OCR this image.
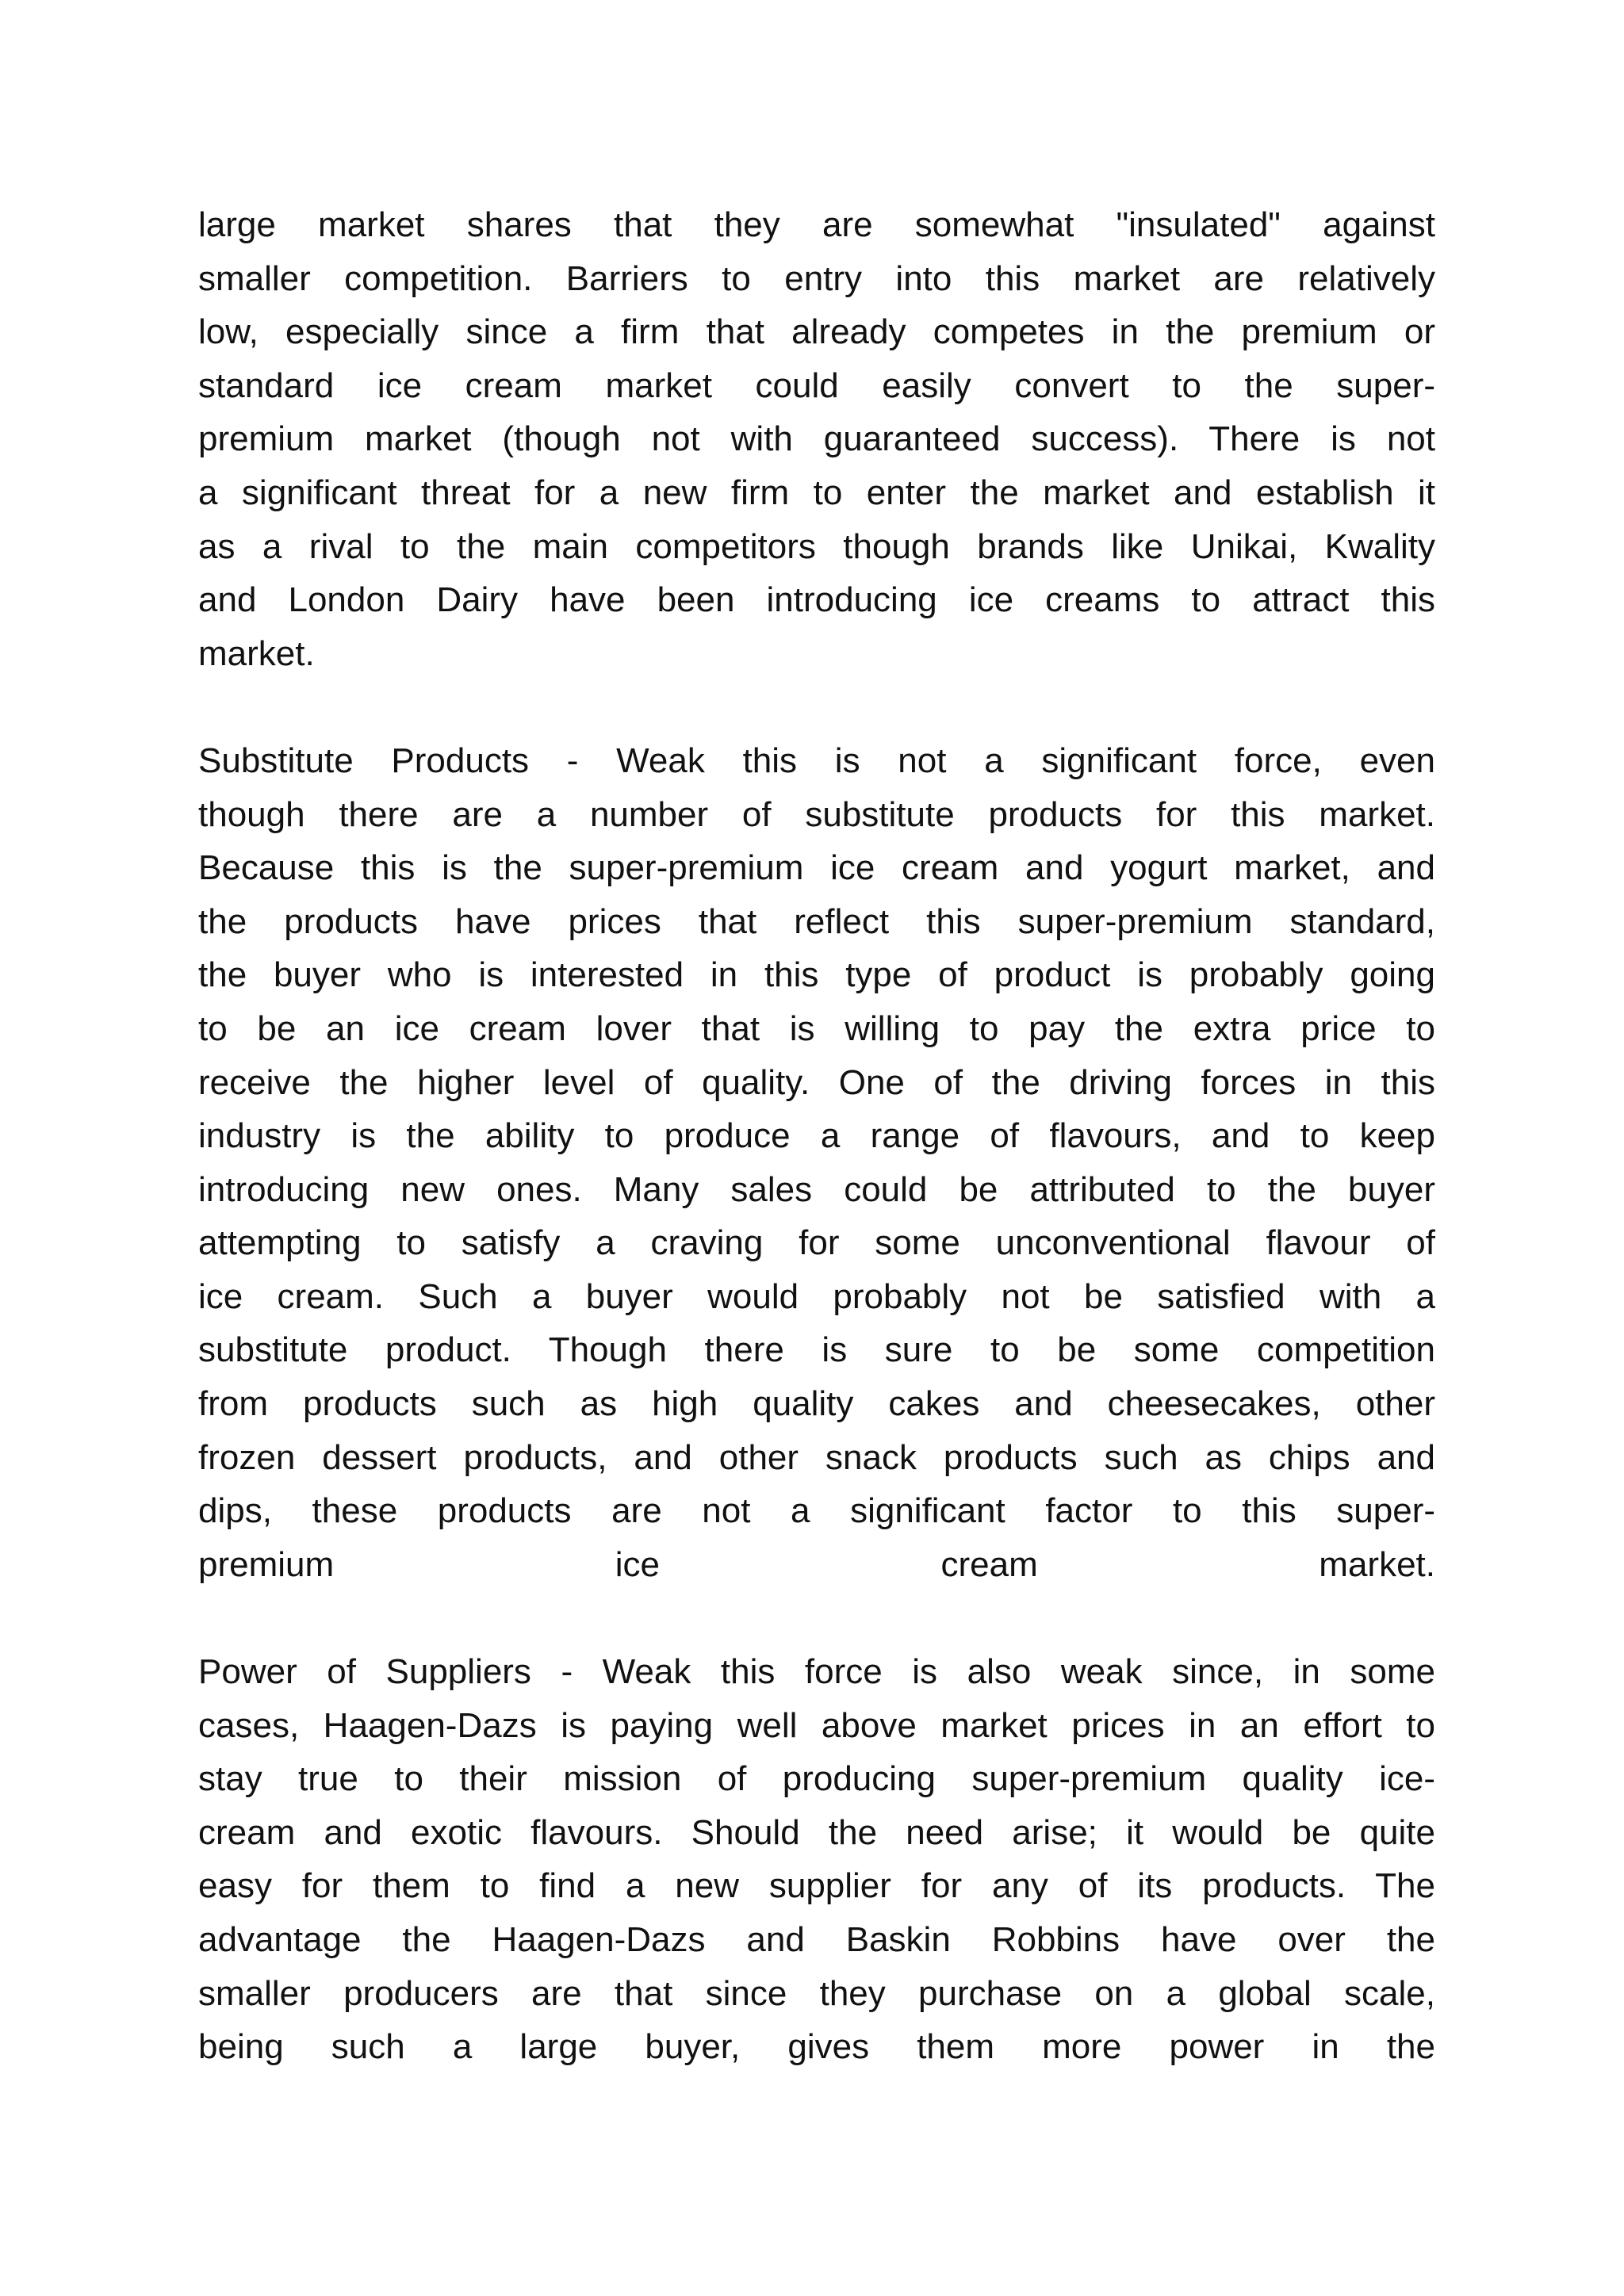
large market shares that they are somewhat "insulated" against
smaller competition. Barriers to entry into this market are relatively
low, especially since a firm that already competes in the premium or
standard ice cream market could easily convert to the super-
premium market (though not with guaranteed success). There is not
a significant threat for a new firm to enter the market and establish it
as a rival to the main competitors though brands like Unikai, Kwality
and London Dairy have been introducing ice creams to attract this
market.

Substitute Products - Weak this is not a significant force, even
though there are a number of substitute products for this market.
Because this is the super-premium ice cream and yogurt market, and
the products have prices that reflect this super-premium standard,
the buyer who is interested in this type of product is probably going
to be an ice cream lover that is willing to pay the extra price to
receive the higher level of quality. One of the driving forces in this
industry is the ability to produce a range of flavours, and to keep
introducing new ones. Many sales could be attributed to the buyer
attempting to satisfy a craving for some unconventional flavour of
ice cream. Such a buyer would probably not be satisfied with a
substitute product. Though there is sure to be some competition
from products such as high quality cakes and cheesecakes, other
frozen dessert products, and other snack products such as chips and
dips, these products are not a significant factor to this super-
premium ice cream market.

Power of Suppliers - Weak this force is also weak since, in some
cases, Haagen-Dazs is paying well above market prices in an effort to
stay true to their mission of producing super-premium quality ice-
cream and exotic flavours. Should the need arise; it would be quite
easy for them to find a new supplier for any of its products. The
advantage the Haagen-Dazs and Baskin Robbins have over the
smaller producers are that since they purchase on a global scale,
being such a large buyer, gives them more power in the
